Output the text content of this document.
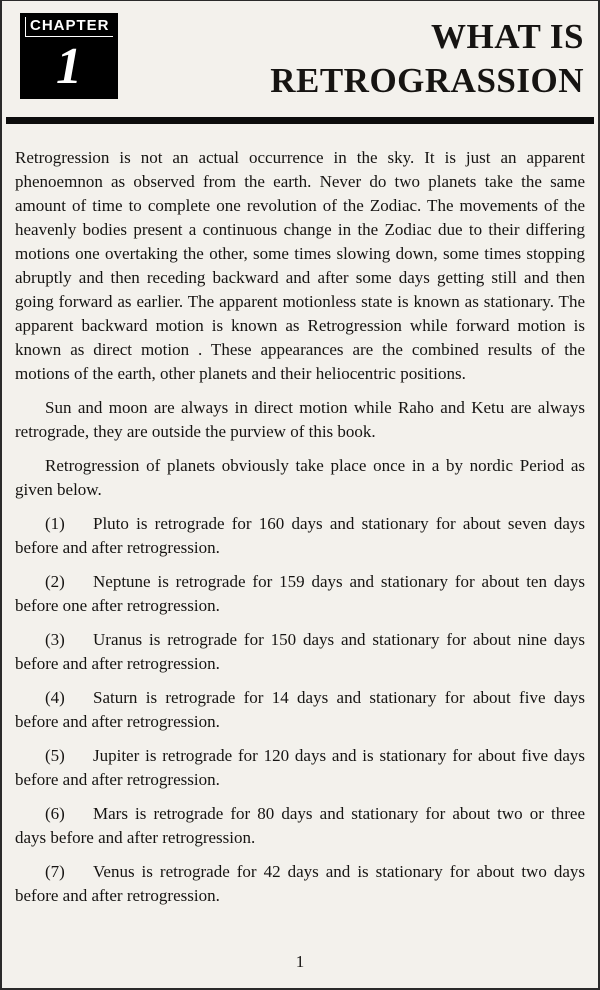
CHAPTER
1
WHAT IS
RETROGRASSION

Retrogression is not an actual occurrence in the sky. It is just an apparent phenoemnon as observed from the earth. Never do two planets take the same amount of time to complete one revolution of the Zodiac. The movements of the heavenly bodies present a continuous change in the Zodiac due to their differing motions one overtaking the other, some times slowing down, some times stopping abruptly and then receding backward and after some days getting still and then going forward as earlier. The apparent motionless state is known as stationary. The apparent backward motion is known as Retrogression while forward motion is known as direct motion . These appearances are the combined results of the motions of the earth, other planets and their heliocentric positions.

Sun and moon are always in direct motion while Raho and Ketu are always retrograde, they are outside the purview of this book.

Retrogression of planets obviously take place once in a by nordic Period as given below.

(1) Pluto is retrograde for 160 days and stationary for about seven days before and after retrogression.

(2) Neptune is retrograde for 159 days and stationary for about ten days before one after retrogression.

(3) Uranus is retrograde for 150 days and stationary for about nine days before and after retrogression.

(4) Saturn is retrograde for 14 days and stationary for about five days before and after retrogression.

(5) Jupiter is retrograde for 120 days and is stationary for about five days before and after retrogression.

(6) Mars is retrograde for 80 days and stationary for about two or three days before and after retrogression.

(7) Venus is retrograde for 42 days and is stationary for about two days before and after retrogression.

1
